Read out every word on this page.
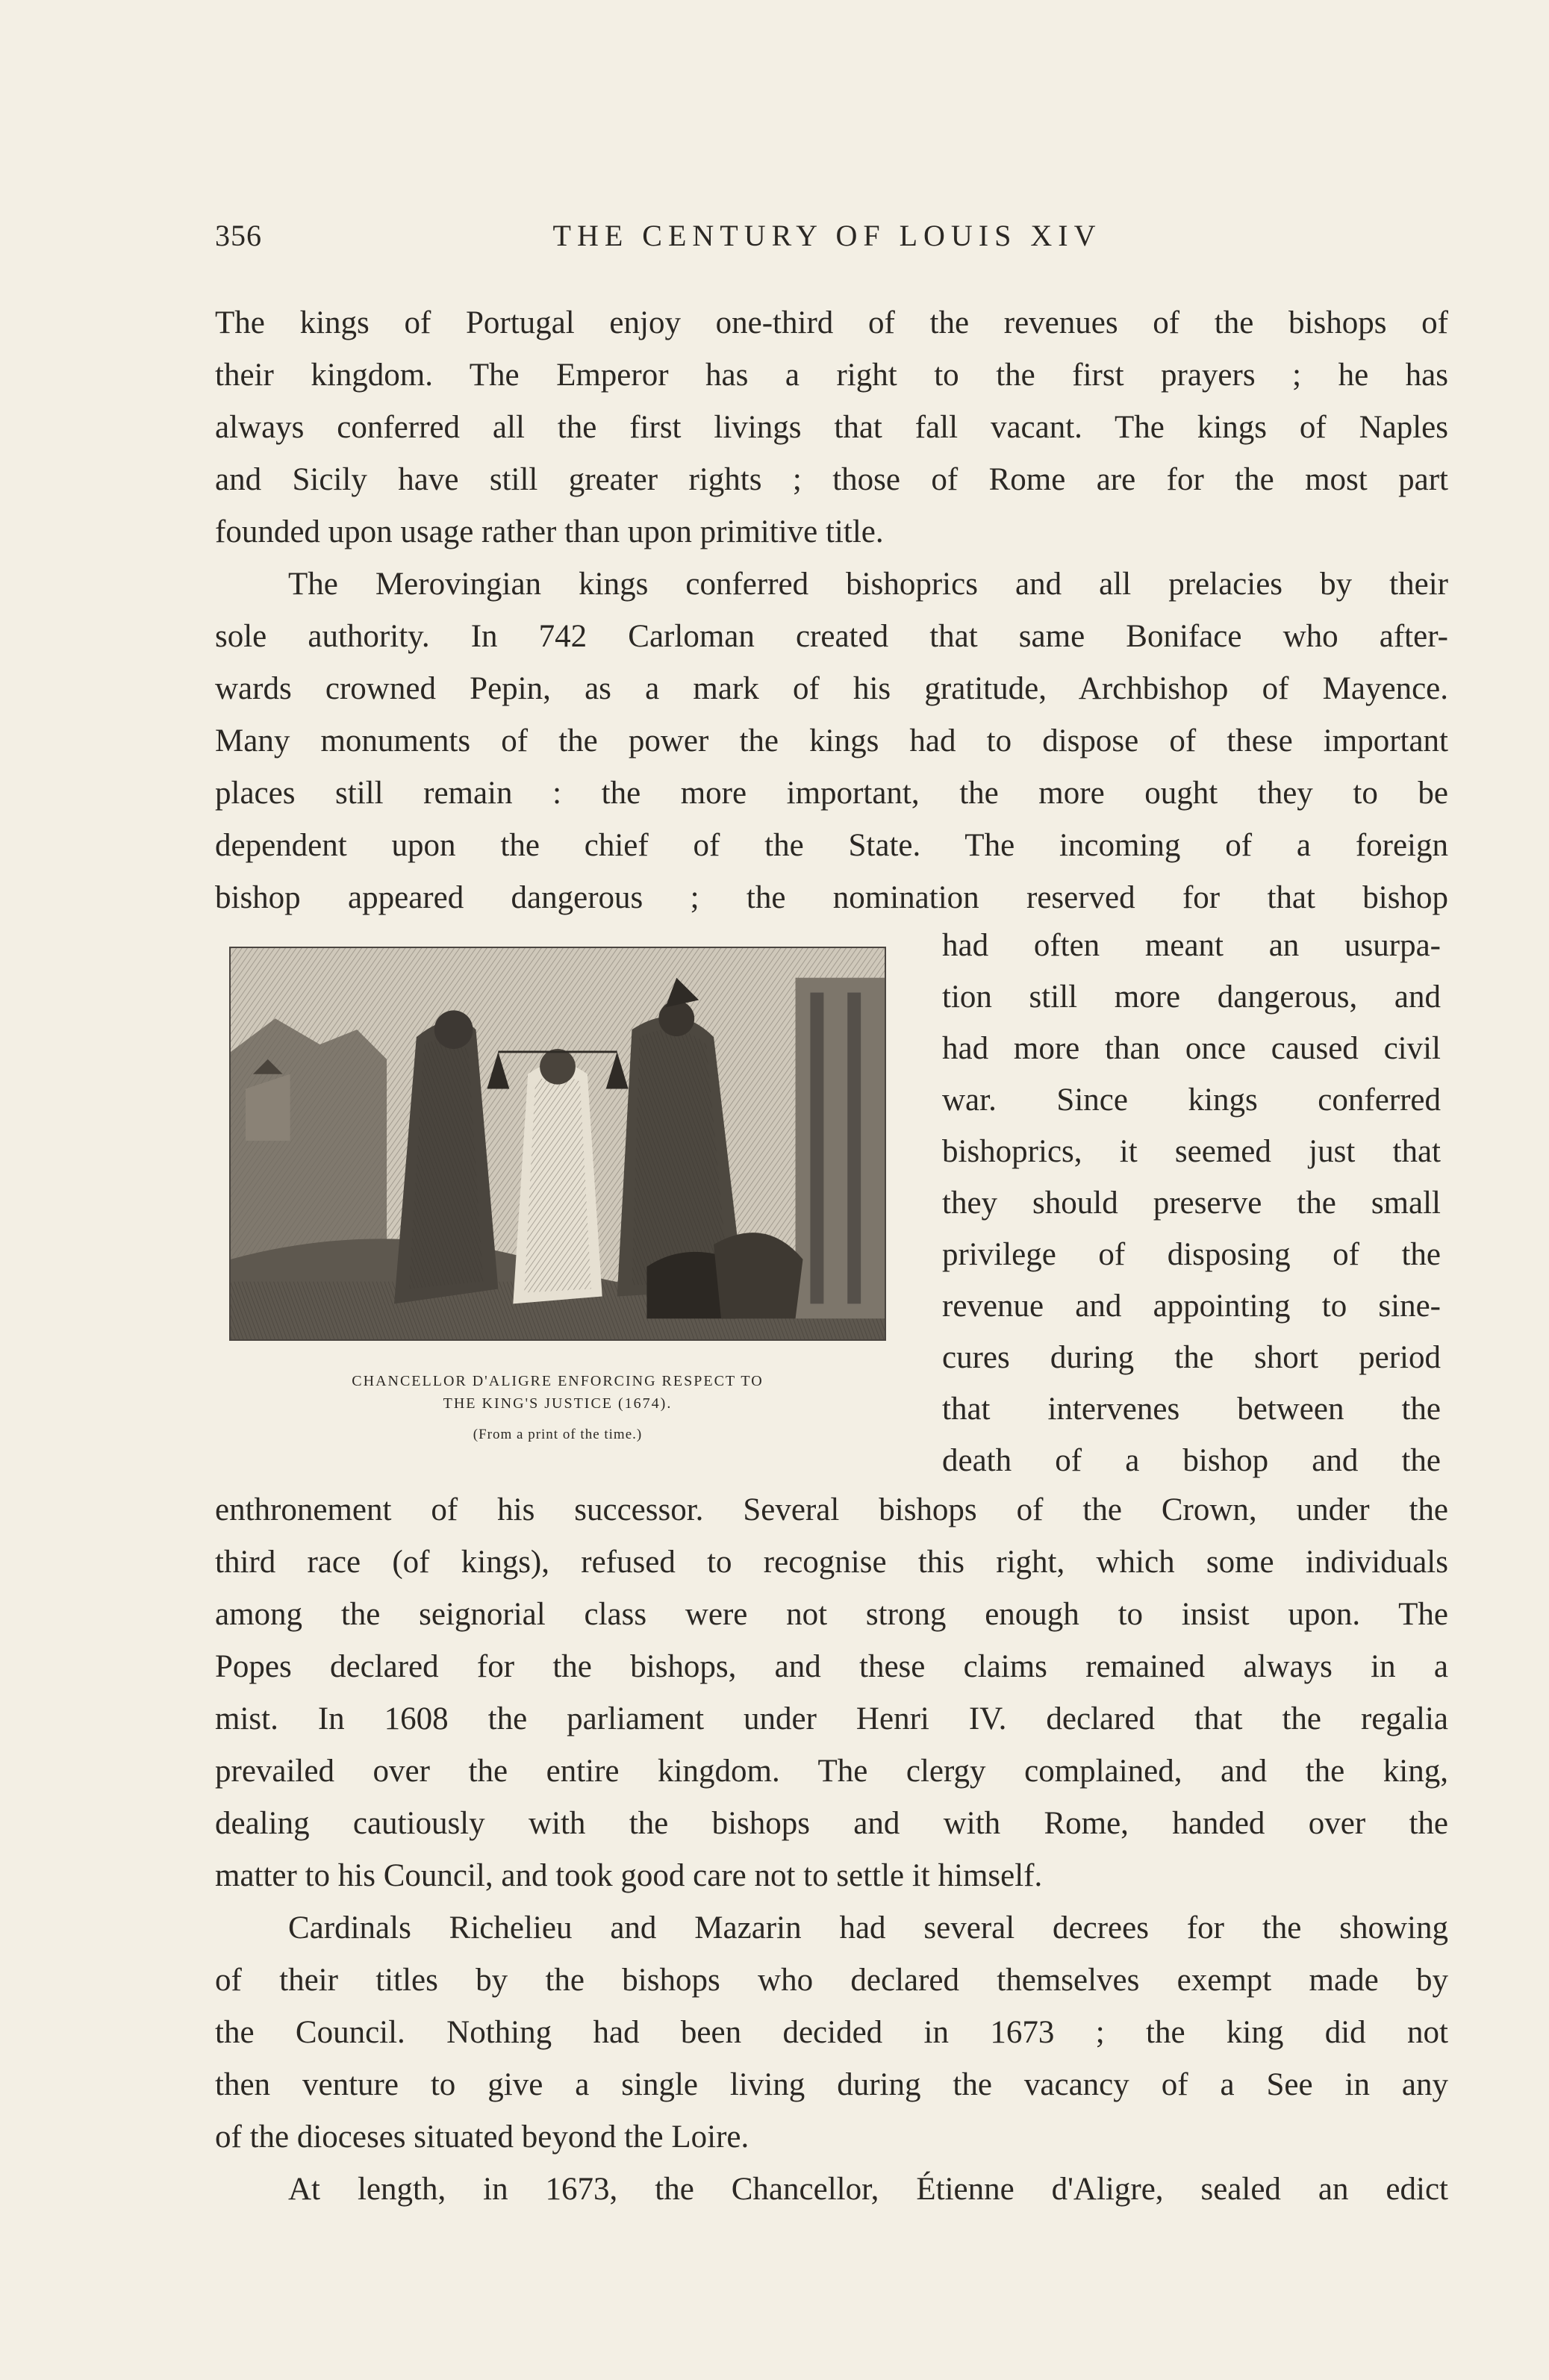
356	THE CENTURY OF LOUIS XIV

The kings of Portugal enjoy one-third of the revenues of the bishops of
their kingdom. The Emperor has a right to the first prayers ; he has
always conferred all the first livings that fall vacant. The kings of Naples
and Sicily have still greater rights ; those of Rome are for the most part
founded upon usage rather than upon primitive title.

The Merovingian kings conferred bishoprics and all prelacies by their
sole authority. In 742 Carloman created that same Boniface who after-
wards crowned Pepin, as a mark of his gratitude, Archbishop of Mayence.
Many monuments of the power the kings had to dispose of these important
places still remain : the more important, the more ought they to be
dependent upon the chief of the State. The incoming of a foreign
bishop appeared dangerous ; the nomination reserved for that bishop

had often meant an usurpa-
tion still more dangerous, and
had more than once caused civil
war. Since kings conferred
bishoprics, it seemed just that
they should preserve the small
privilege of disposing of the
revenue and appointing to sine-
cures during the short period
that intervenes between the
death of a bishop and the
CHANCELLOR D'ALIGRE ENFORCING RESPECT TO
THE KING'S JUSTICE (1674).
(From a print of the time.)

enthronement of his successor. Several bishops of the Crown, under the
third race (of kings), refused to recognise this right, which some individuals
among the seignorial class were not strong enough to insist upon. The
Popes declared for the bishops, and these claims remained always in a
mist. In 1608 the parliament under Henri IV. declared that the regalia
prevailed over the entire kingdom. The clergy complained, and the king,
dealing cautiously with the bishops and with Rome, handed over the
matter to his Council, and took good care not to settle it himself.

Cardinals Richelieu and Mazarin had several decrees for the showing
of their titles by the bishops who declared themselves exempt made by
the Council. Nothing had been decided in 1673 ; the king did not
then venture to give a single living during the vacancy of a See in any
of the dioceses situated beyond the Loire.

At length, in 1673, the Chancellor, Étienne d'Aligre, sealed an edict
